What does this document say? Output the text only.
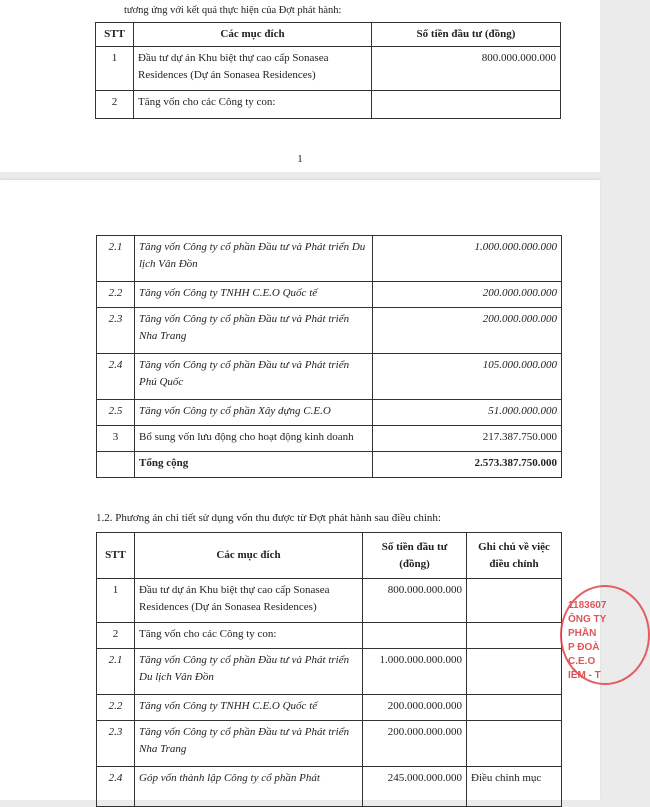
tương ứng với kết quả thực hiện của Đợt phát hành:
STT	Các mục đích	Số tiền đầu tư (đồng)
1	Đầu tư dự án Khu biệt thự cao cấp Sonasea Residences (Dự án Sonasea Residences)	800.000.000.000
2	Tăng vốn cho các Công ty con:	
1
2.1	Tăng vốn Công ty cổ phần Đầu tư và Phát triển Du lịch Vân Đồn	1.000.000.000.000
2.2	Tăng vốn Công ty TNHH C.E.O Quốc tế	200.000.000.000
2.3	Tăng vốn Công ty cổ phần Đầu tư và Phát triển Nha Trang	200.000.000.000
2.4	Tăng vốn Công ty cổ phần Đầu tư và Phát triển Phú Quốc	105.000.000.000
2.5	Tăng vốn Công ty cổ phần Xây dựng C.E.O	51.000.000.000
3	Bổ sung vốn lưu động cho hoạt động kinh doanh	217.387.750.000
	Tổng cộng	2.573.387.750.000
1.2. Phương án chi tiết sử dụng vốn thu được từ Đợt phát hành sau điều chỉnh:
STT	Các mục đích	Số tiền đầu tư (đồng)	Ghi chú về việc điều chỉnh
1	Đầu tư dự án Khu biệt thự cao cấp Sonasea Residences (Dự án Sonasea Residences)	800.000.000.000	
2	Tăng vốn cho các Công ty con:		
2.1	Tăng vốn Công ty cổ phần Đầu tư và Phát triển Du lịch Vân Đồn	1.000.000.000.000	
2.2	Tăng vốn Công ty TNHH C.E.O Quốc tế	200.000.000.000	
2.3	Tăng vốn Công ty cổ phần Đầu tư và Phát triển Nha Trang	200.000.000.000	
2.4	Góp vốn thành lập Công ty cổ phần Phát	245.000.000.000	Điều chỉnh mục
1183607
ÔNG TY
PHẦN
P ĐOÀ
C.E.O
IÊM - T
